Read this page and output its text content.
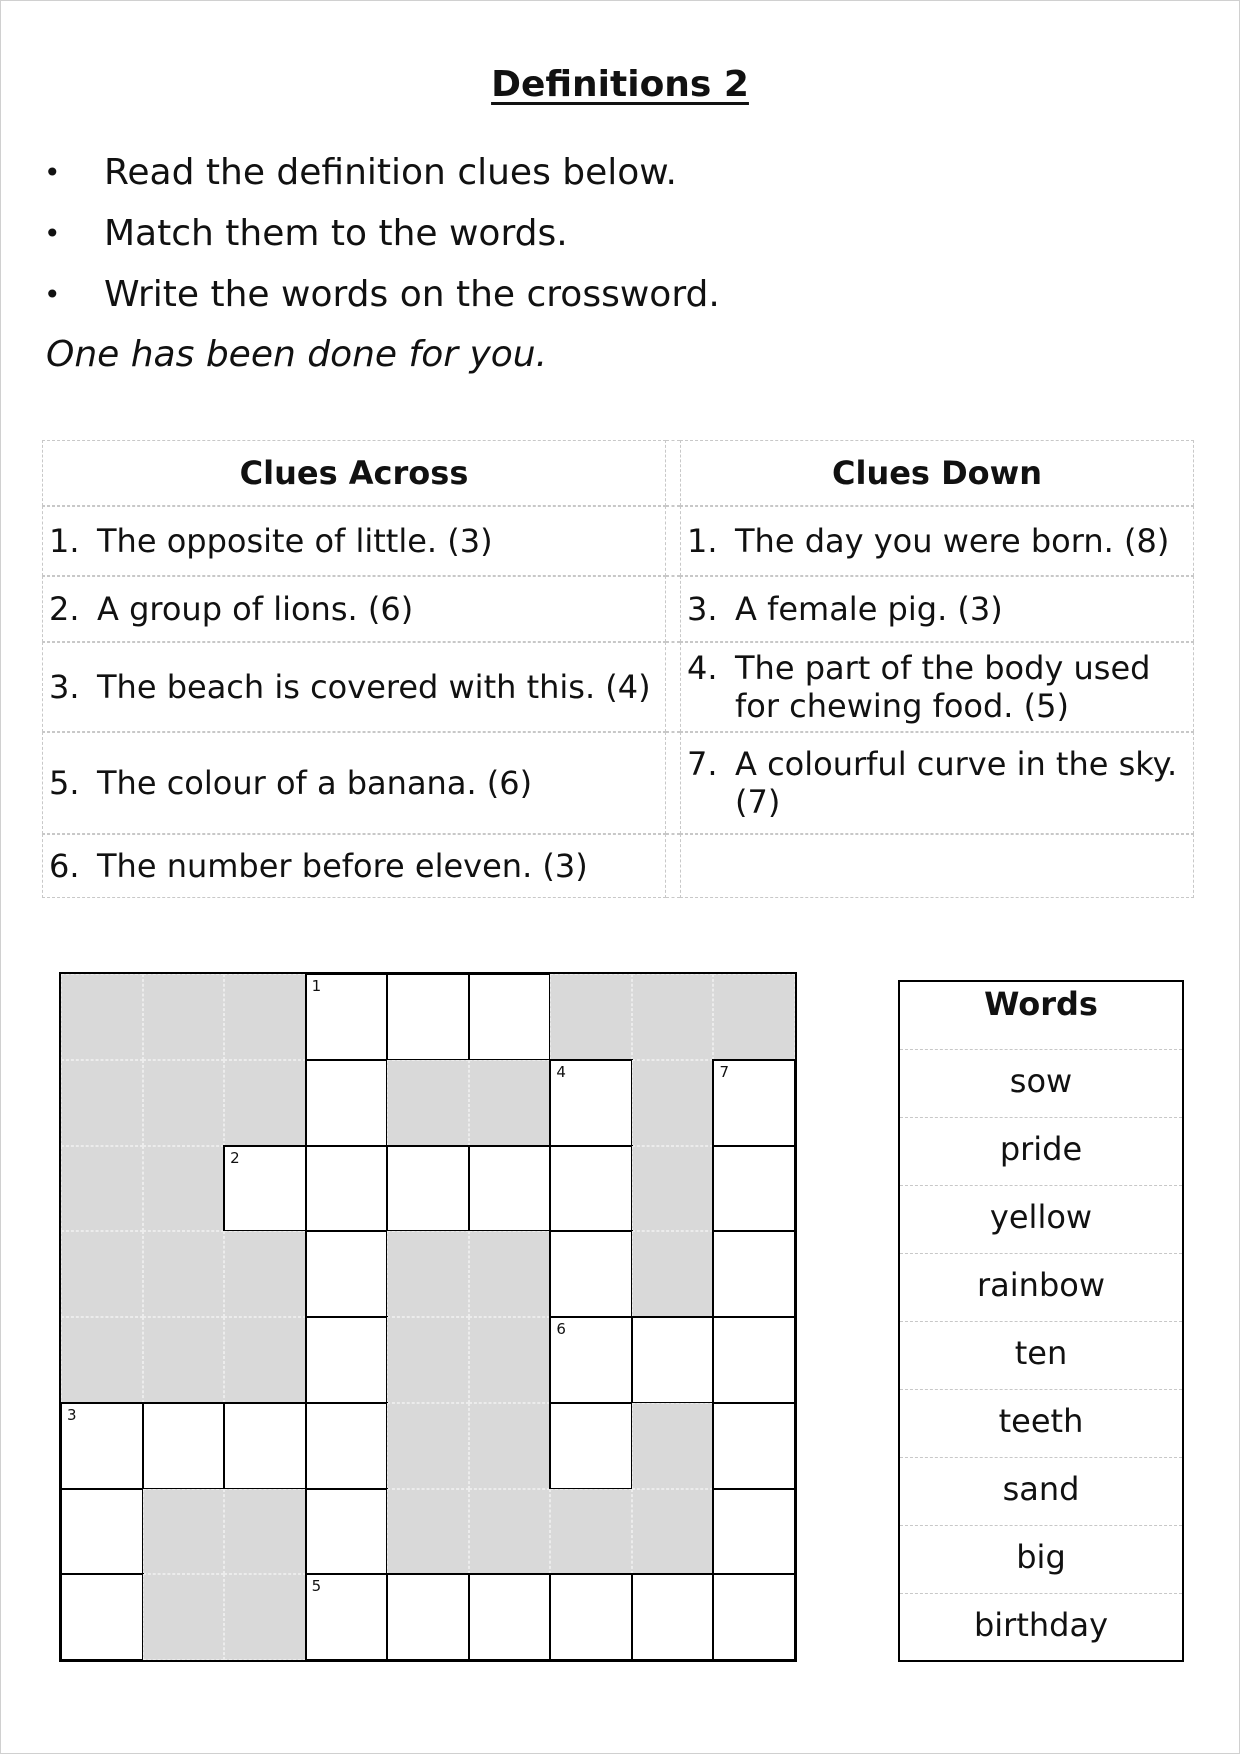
Definitions 2
• Read the definition clues below.
• Match them to the words.
• Write the words on the crossword.
One has been done for you.
Clues Across		Clues Down

1. The opposite of little. (3)		1. The day you were born. (8)

2. A group of lions. (6)		3. A female pig. (3)

3. The beach is covered with this. (4)		4. The part of the body used for chewing food. (5)

5. The colour of a banana. (6)		7. A colourful curve in the sky. (7)

6. The number before eleven. (3)		

1
4	7
2
6
3
5
Words
sow
pride
yellow
rainbow
ten
teeth
sand
big
birthday
